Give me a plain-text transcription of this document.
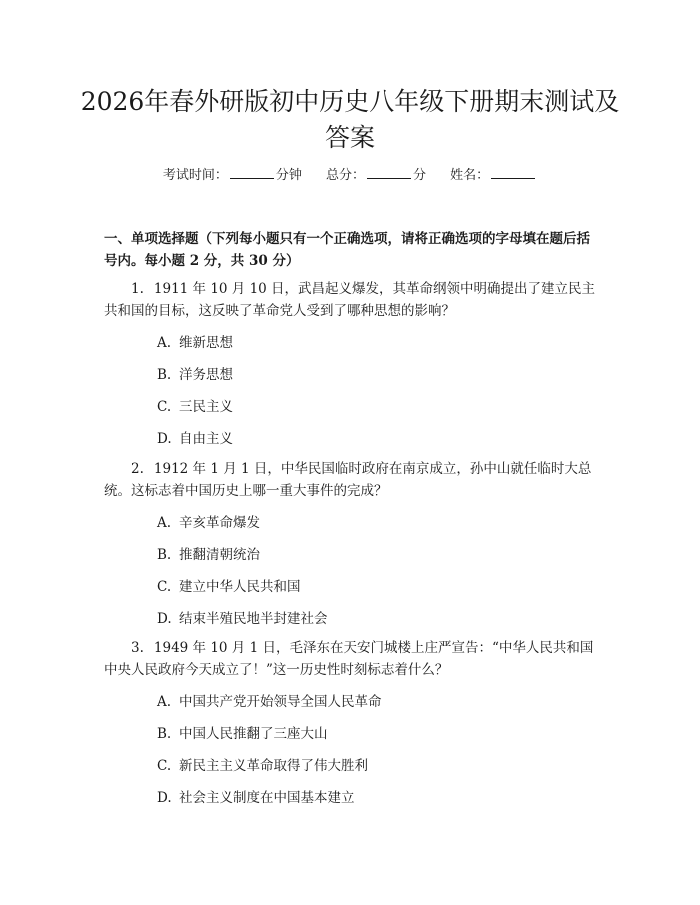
2026年春外研版初中历史八年级下册期末测试及答案
考试时间：	分钟 总分：	分 姓名：

一、单项选择题（下列每小题只有一个正确选项，请将正确选项的字母填在题后括号内。每小题 2 分，共 30 分）

1. 1911 年 10 月 10 日，武昌起义爆发，其革命纲领中明确提出了建立民主共和国的目标，这反映了革命党人受到了哪种思想的影响？

A. 维新思想
B. 洋务思想
C. 三民主义
D. 自由主义

2. 1912 年 1 月 1 日，中华民国临时政府在南京成立，孙中山就任临时大总统。这标志着中国历史上哪一重大事件的完成？

A. 辛亥革命爆发
B. 推翻清朝统治
C. 建立中华人民共和国
D. 结束半殖民地半封建社会

3. 1949 年 10 月 1 日，毛泽东在天安门城楼上庄严宣告：“中华人民共和国中央人民政府今天成立了！”这一历史性时刻标志着什么？

A. 中国共产党开始领导全国人民革命
B. 中国人民推翻了三座大山
C. 新民主主义革命取得了伟大胜利
D. 社会主义制度在中国基本建立
